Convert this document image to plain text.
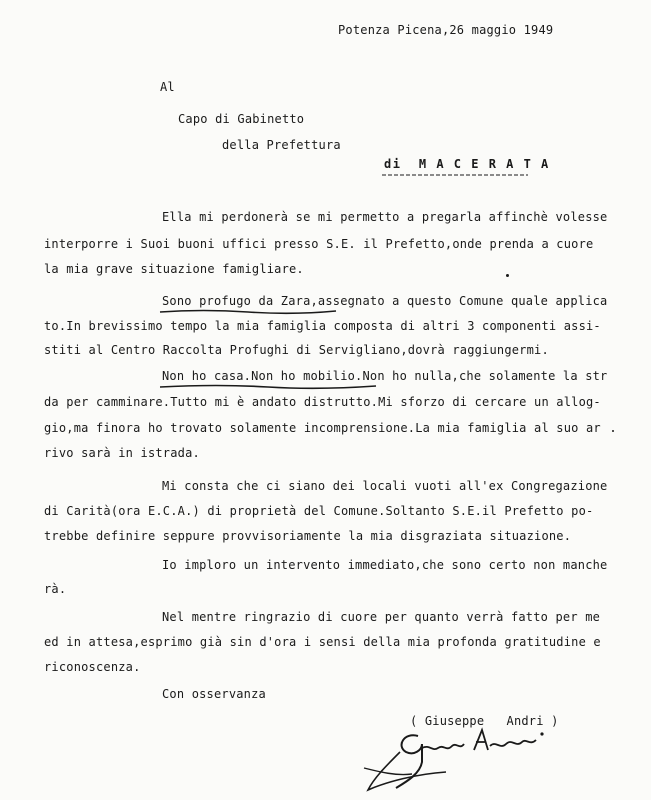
Potenza Picena,26 maggio 1949

Al

Capo di Gabinetto

della Prefettura

di  M A C E R A T A

Ella mi perdonerà se mi permetto a pregarla affinchè volesse

interporre i Suoi buoni uffici presso S.E. il Prefetto,onde prenda a cuore

la mia grave situazione famigliare.

Sono profugo da Zara,assegnato a questo Comune quale applica

to.In brevissimo tempo la mia famiglia composta di altri 3 componenti assi-

stiti al Centro Raccolta Profughi di Servigliano,dovrà raggiungermi.

Non ho casa.Non ho mobilio.Non ho nulla,che solamente la str

da per camminare.Tutto mi è andato distrutto.Mi sforzo di cercare un allog-

gio,ma finora ho trovato solamente incomprensione.La mia famiglia al suo ar

rivo sarà in istrada.

Mi consta che ci siano dei locali vuoti all'ex Congregazione

di Carità(ora E.C.A.) di proprietà del Comune.Soltanto S.E.il Prefetto po-

trebbe definire seppure provvisoriamente la mia disgraziata situazione.

Io imploro un intervento immediato,che sono certo non manche

rà.

Nel mentre ringrazio di cuore per quanto verrà fatto per me

ed in attesa,esprimo già sin d'ora i sensi della mia profonda gratitudine e

riconoscenza.

Con osservanza

( Giuseppe   Andri )
